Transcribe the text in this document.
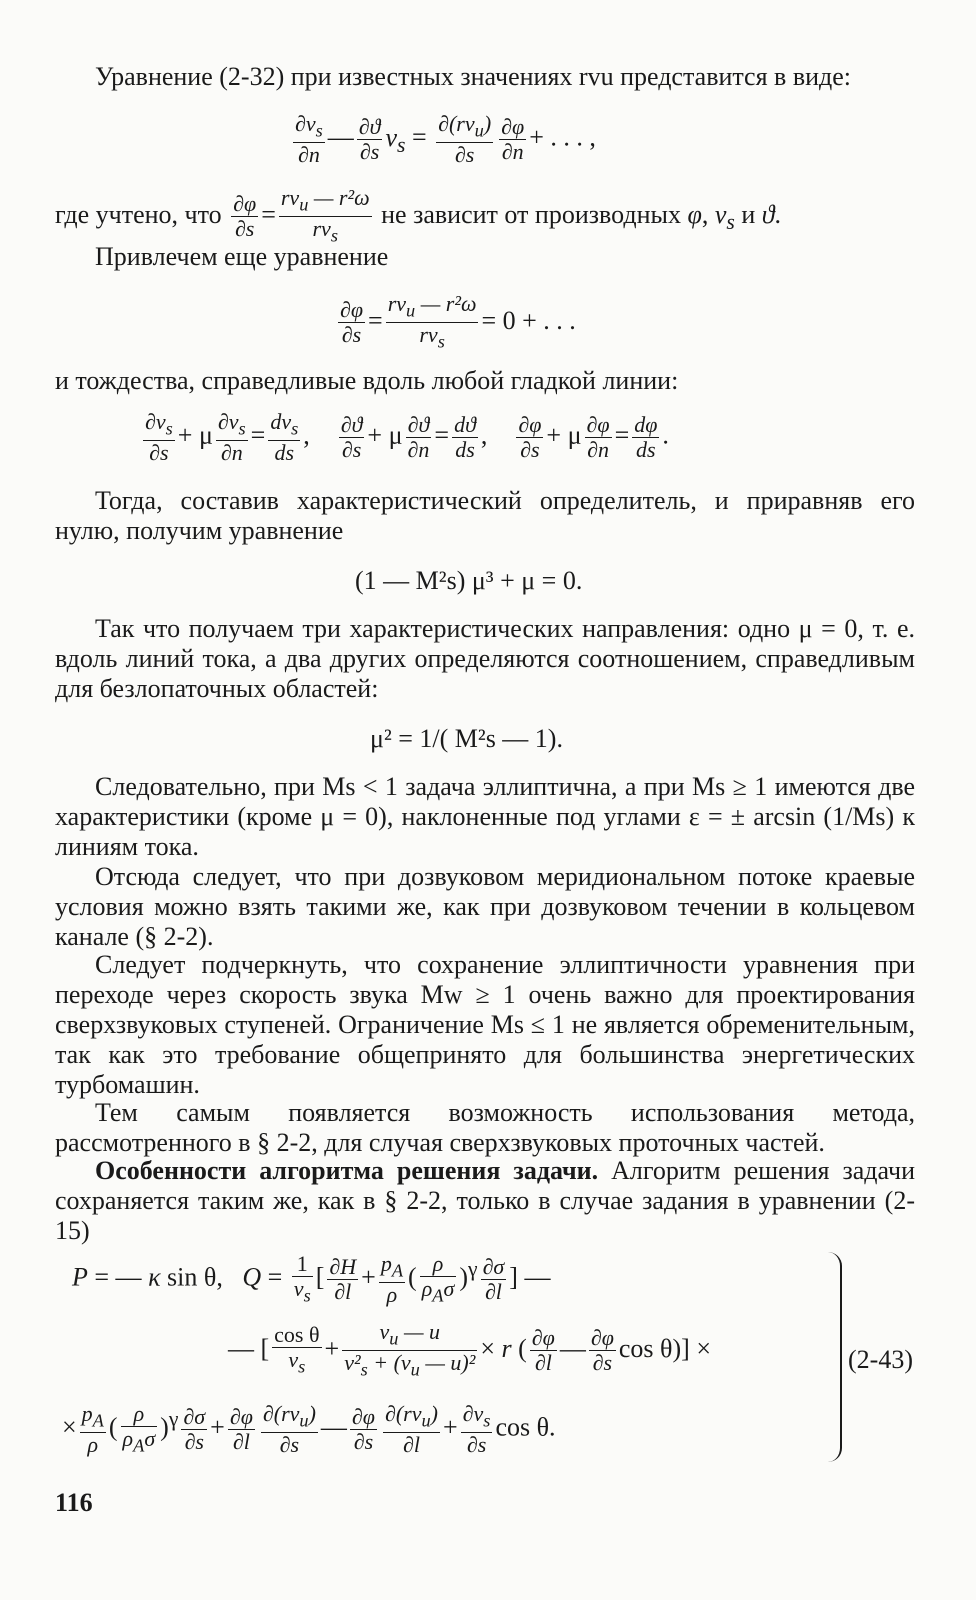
Уравнение (2-32) при известных значениях rvu представится в виде:
$\frac{\partial v_s}{\partial n}$ — $\frac{\partial ϑ}{\partial s} v_s = \frac{\partial(rv_u)}{\partial s} \frac{\partial\varphi}{\partial n}$ + . . . ,
где учтено, что $\frac{\partial\varphi}{\partial s} = \frac{rv_u — r^2\omega}{rv_s}$ не зависит от производных φ, $v_s$ и ϑ.
Привлечем еще уравнение
$\frac{\partial\varphi}{\partial s} = \frac{rv_u — r^2\omega}{rv_s} = 0$ + . . .
и тождества, справедливые вдоль любой гладкой линии:
$\frac{\partial v_s}{\partial s} + \mu \frac{\partial v_s}{\partial n} = \frac{dv_s}{ds}$ , $\frac{\partial ϑ}{\partial s} + \mu \frac{\partial ϑ}{\partial n} = \frac{dϑ}{ds}$ , $\frac{\partial\varphi}{\partial s} + \mu \frac{\partial\varphi}{\partial n} = \frac{d\varphi}{ds}$ .
Тогда, составив характеристический определитель, и приравняв его нулю, получим уравнение
(1 — M²s) μ³ + μ = 0.
Так что получаем три характеристических направления: одно μ = 0, т. е. вдоль линий тока, а два других определяются соотношением, справедливым для безлопаточных областей:
μ² = 1/( M²s — 1).
Следовательно, при Ms < 1 задача эллиптична, а при Ms ≥ 1 имеются две характеристики (кроме μ = 0), наклоненные под углами ε = ± arcsin (1/Ms) к линиям тока.
Отсюда следует, что при дозвуковом меридиональном потоке краевые условия можно взять такими же, как при дозвуковом течении в кольцевом канале (§ 2-2).
Следует подчеркнуть, что сохранение эллиптичности уравнения при переходе через скорость звука Mw ≥ 1 очень важно для проектирования сверхзвуковых ступеней. Ограничение Ms ≤ 1 не является обременительным, так как это требование общепринято для большинства энергетических турбомашин.
Тем самым появляется возможность использования метода, рассмотренного в § 2-2, для случая сверхзвуковых проточных частей.
Особенности алгоритма решения задачи. Алгоритм решения задачи сохраняется таким же, как в § 2-2, только в случае задания в уравнении (2-15)
P = — κ sin θ,   $Q = \frac{1}{v_s}$ [ $\frac{\partial H}{\partial l} + \frac{p_A}{\rho}$ ( $\frac{\rho}{\rho_A\sigma} )^\gamma \frac{\partial\sigma}{\partial l}$ ] —
— [ $\frac{\text{cos θ}}{v_s} + \frac{v_u — u}{v^2_s + (v_u — u)^2} \times r$ ( $\frac{\partial\varphi}{\partial l}$ — $\frac{\partial\varphi}{\partial s}$ cos θ)] ×
× $\frac{p_A}{\rho}$ ( $\frac{\rho}{\rho_A\sigma} )^\gamma \frac{\partial\sigma}{\partial s} + \frac{\partial\varphi}{\partial l} \frac{\partial(rv_u)}{\partial s}$ — $\frac{\partial\varphi}{\partial s} \frac{\partial(rv_u)}{\partial l} + \frac{\partial v_s}{\partial s}$ cos θ.
(2-43)
116
